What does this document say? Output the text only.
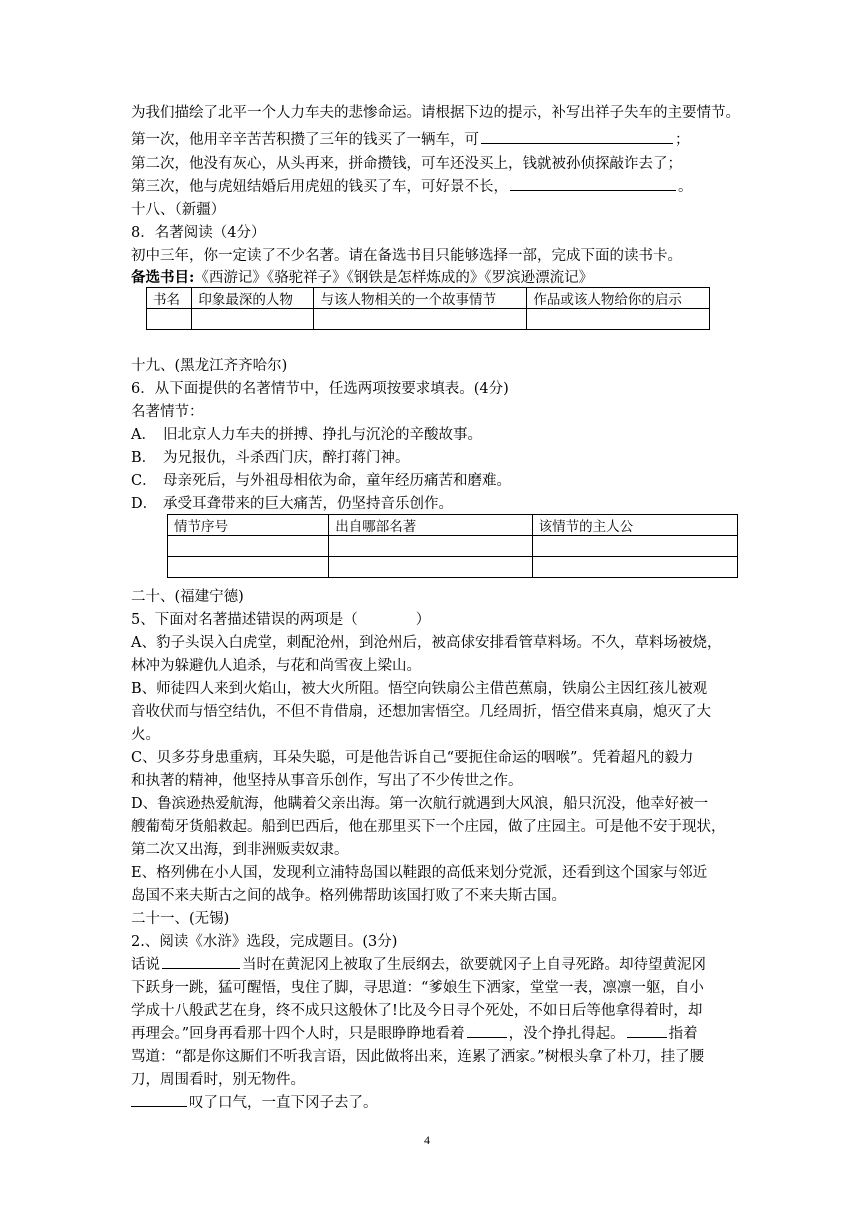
为我们描绘了北平一个人力车夫的悲惨命运。请根据下边的提示，补写出祥子失车的主要情节。
第一次，他用辛辛苦苦积攒了三年的钱买了一辆车，可	；
第二次，他没有灰心，从头再来，拼命攒钱，可车还没买上，钱就被孙侦探敲诈去了；
第三次，他与虎妞结婚后用虎妞的钱买了车，可好景不长，	。
十八、（新疆）
8．名著阅读（4分）
初中三年，你一定读了不少名著。请在备选书目只能够选择一部，完成下面的读书卡。
备选书目:《西游记》《骆驼祥子》《钢铁是怎样炼成的》《罗滨逊漂流记》
书名	印象最深的人物	与该人物相关的一个故事情节	作品或该人物给你的启示

十九、(黑龙江齐齐哈尔)
6．从下面提供的名著情节中，任选两项按要求填表。(4分)
名著情节：
A． 旧北京人力车夫的拼搏、挣扎与沉沦的辛酸故事。
B． 为兄报仇，斗杀西门庆，醉打蒋门神。
C． 母亲死后，与外祖母相依为命，童年经历痛苦和磨难。
D． 承受耳聋带来的巨大痛苦，仍坚持音乐创作。
情节序号	出自哪部名著	该情节的主人公

二十、(福建宁德)
5、下面对名著描述错误的两项是（　　　　）
A、豹子头误入白虎堂，刺配沧州，到沧州后，被高俅安排看管草料场。不久，草料场被烧，
林冲为躲避仇人追杀，与花和尚雪夜上梁山。
B、师徒四人来到火焰山，被大火所阻。悟空向铁扇公主借芭蕉扇，铁扇公主因红孩儿被观
音收伏而与悟空结仇，不但不肯借扇，还想加害悟空。几经周折，悟空借来真扇，熄灭了大
火。
C、贝多芬身患重病，耳朵失聪，可是他告诉自己“要扼住命运的咽喉”。凭着超凡的毅力
和执著的精神，他坚持从事音乐创作，写出了不少传世之作。
D、鲁滨逊热爱航海，他瞒着父亲出海。第一次航行就遇到大风浪，船只沉没，他幸好被一
艘葡萄牙货船救起。船到巴西后，他在那里买下一个庄园，做了庄园主。可是他不安于现状，
第二次又出海，到非洲贩卖奴隶。
E、格列佛在小人国，发现利立浦特岛国以鞋跟的高低来划分党派，还看到这个国家与邻近
岛国不来夫斯古之间的战争。格列佛帮助该国打败了不来夫斯古国。
二十一、(无锡)
2.、阅读《水浒》选段，完成题目。(3分)
话说	当时在黄泥冈上被取了生辰纲去，欲要就冈子上自寻死路。却待望黄泥冈
下跃身一跳，猛可醒悟，曳住了脚，寻思道：“爹娘生下洒家，堂堂一表，凛凛一躯，自小
学成十八般武艺在身，终不成只这般休了!比及今日寻个死处，不如日后等他拿得着时，却
再理会。”回身再看那十四个人时，只是眼睁睁地看着	，没个挣扎得起。	指着
骂道：“都是你这厮们不听我言语，因此做将出来，连累了洒家。”树根头拿了朴刀，挂了腰
刀，周围看时，别无物件。
叹了口气，一直下冈子去了。
4
